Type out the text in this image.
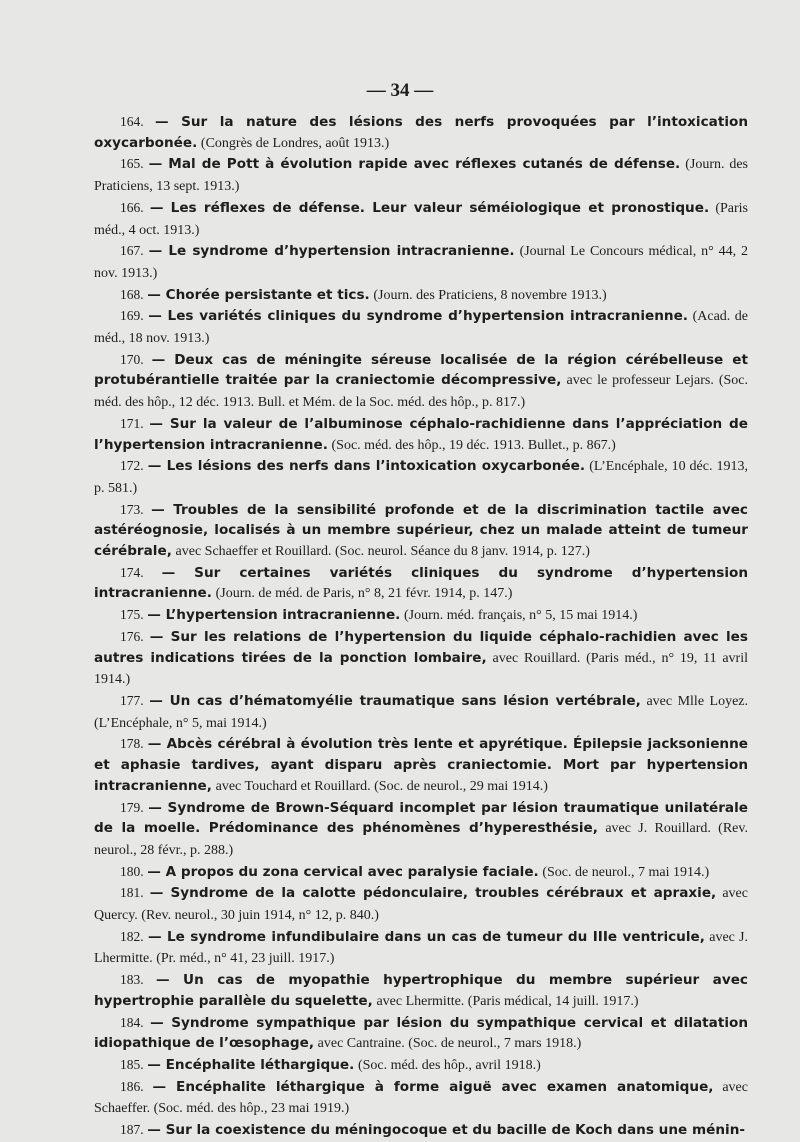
— 34 —

164. — Sur la nature des lésions des nerfs provoquées par l’intoxication oxycarbonée. (Congrès de Londres, août 1913.)

165. — Mal de Pott à évolution rapide avec réflexes cutanés de défense. (Journ. des Praticiens, 13 sept. 1913.)

166. — Les réflexes de défense. Leur valeur séméiologique et pronostique. (Paris méd., 4 oct. 1913.)

167. — Le syndrome d’hypertension intracranienne. (Journal Le Concours médical, n° 44, 2 nov. 1913.)

168. — Chorée persistante et tics. (Journ. des Praticiens, 8 novembre 1913.)

169. — Les variétés cliniques du syndrome d’hypertension intracranienne. (Acad. de méd., 18 nov. 1913.)

170. — Deux cas de méningite séreuse localisée de la région cérébelleuse et protubérantielle traitée par la craniectomie décompressive, avec le professeur Lejars. (Soc. méd. des hôp., 12 déc. 1913. Bull. et Mém. de la Soc. méd. des hôp., p. 817.)

171. — Sur la valeur de l’albuminose céphalo-rachidienne dans l’appréciation de l’hypertension intracranienne. (Soc. méd. des hôp., 19 déc. 1913. Bullet., p. 867.)

172. — Les lésions des nerfs dans l’intoxication oxycarbonée. (L’Encéphale, 10 déc. 1913, p. 581.)

173. — Troubles de la sensibilité profonde et de la discrimination tactile avec astéréognosie, localisés à un membre supérieur, chez un malade atteint de tumeur cérébrale, avec Schaeffer et Rouillard. (Soc. neurol. Séance du 8 janv. 1914, p. 127.)

174. — Sur certaines variétés cliniques du syndrome d’hypertension intracranienne. (Journ. de méd. de Paris, n° 8, 21 févr. 1914, p. 147.)

175. — L’hypertension intracranienne. (Journ. méd. français, n° 5, 15 mai 1914.)

176. — Sur les relations de l’hypertension du liquide céphalo-rachidien avec les autres indications tirées de la ponction lombaire, avec Rouillard. (Paris méd., n° 19, 11 avril 1914.)

177. — Un cas d’hématomyélie traumatique sans lésion vertébrale, avec Mlle Loyez. (L’Encéphale, n° 5, mai 1914.)

178. — Abcès cérébral à évolution très lente et apyrétique. Épilepsie jacksonienne et aphasie tardives, ayant disparu après craniectomie. Mort par hypertension intracranienne, avec Touchard et Rouillard. (Soc. de neurol., 29 mai 1914.)

179. — Syndrome de Brown-Séquard incomplet par lésion traumatique unilatérale de la moelle. Prédominance des phénomènes d’hyperesthésie, avec J. Rouillard. (Rev. neurol., 28 févr., p. 288.)

180. — A propos du zona cervical avec paralysie faciale. (Soc. de neurol., 7 mai 1914.)

181. — Syndrome de la calotte pédonculaire, troubles cérébraux et apraxie, avec Quercy. (Rev. neurol., 30 juin 1914, n° 12, p. 840.)

182. — Le syndrome infundibulaire dans un cas de tumeur du IIIe ventricule, avec J. Lhermitte. (Pr. méd., n° 41, 23 juill. 1917.)

183. — Un cas de myopathie hypertrophique du membre supérieur avec hypertrophie parallèle du squelette, avec Lhermitte. (Paris médical, 14 juill. 1917.)

184. — Syndrome sympathique par lésion du sympathique cervical et dilatation idiopathique de l’œsophage, avec Cantraine. (Soc. de neurol., 7 mars 1918.)

185. — Encéphalite léthargique. (Soc. méd. des hôp., avril 1918.)

186. — Encéphalite léthargique à forme aiguë avec examen anatomique, avec Schaeffer. (Soc. méd. des hôp., 23 mai 1919.)

187. — Sur la coexistence du méningocoque et du bacille de Koch dans une ménin-
